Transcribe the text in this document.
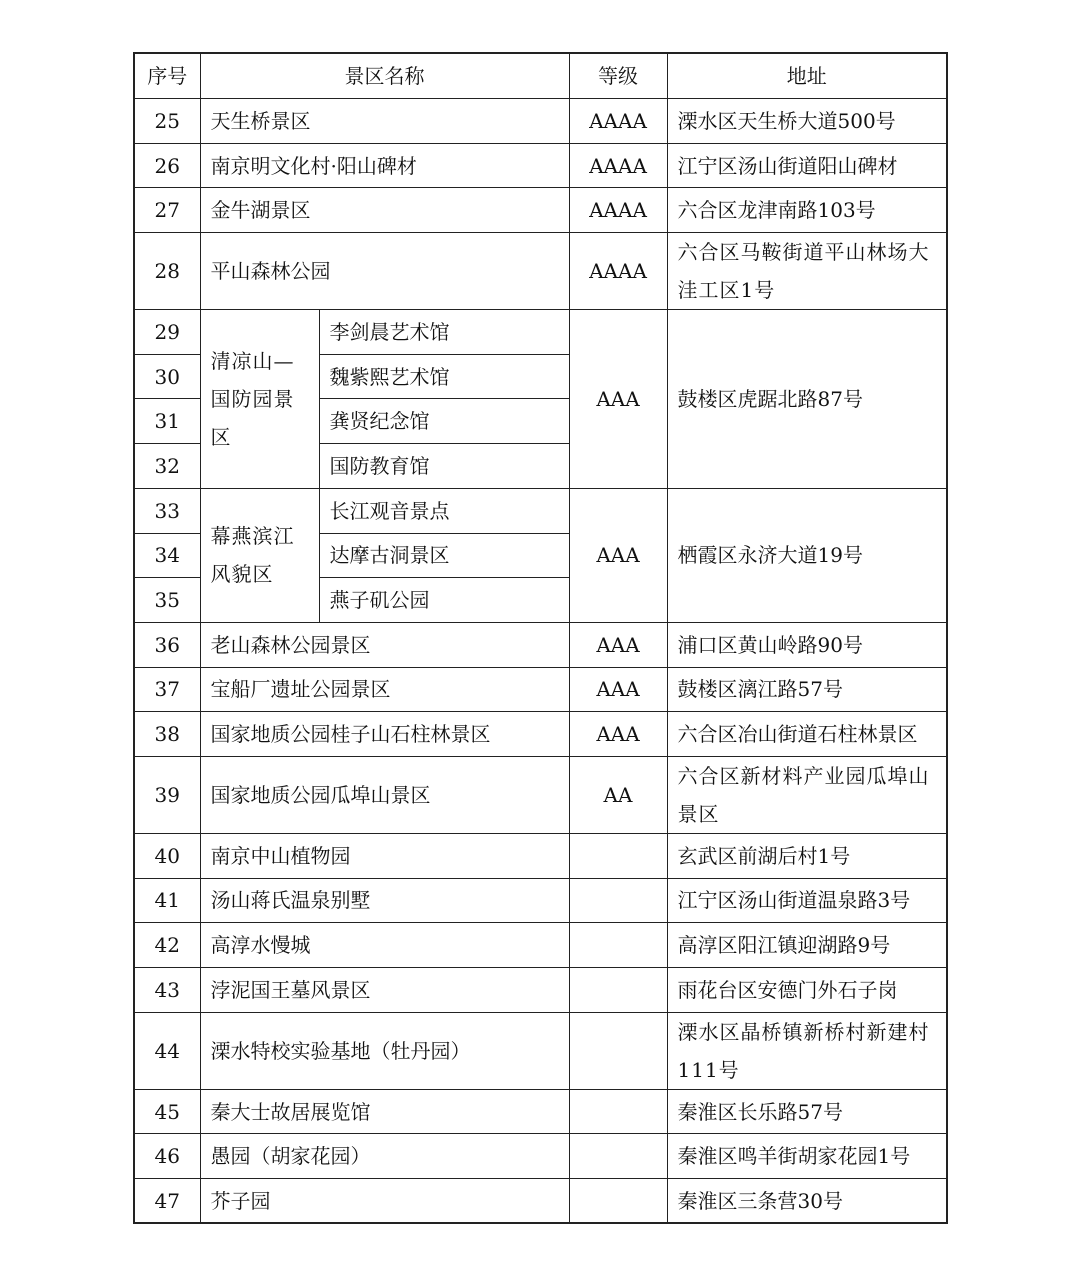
序号	景区名称		等级	地址
25	天生桥景区		AAAA	溧水区天生桥大道500号
26	南京明文化村·阳山碑材		AAAA	江宁区汤山街道阳山碑材
27	金牛湖景区		AAAA	六合区龙津南路103号
28	平山森林公园		AAAA	六合区马鞍街道平山林场大洼工区1号
29	清凉山—国防园景区	李剑晨艺术馆	AAA	鼓楼区虎踞北路87号
30		魏紫熙艺术馆		
31		龚贤纪念馆		
32		国防教育馆		
33	幕燕滨江风貌区	长江观音景点	AAA	栖霞区永济大道19号
34		达摩古洞景区		
35		燕子矶公园		
36	老山森林公园景区		AAA	浦口区黄山岭路90号
37	宝船厂遗址公园景区		AAA	鼓楼区漓江路57号
38	国家地质公园桂子山石柱林景区		AAA	六合区冶山街道石柱林景区
39	国家地质公园瓜埠山景区		AA	六合区新材料产业园瓜埠山景区
40	南京中山植物园			玄武区前湖后村1号
41	汤山蒋氏温泉别墅			江宁区汤山街道温泉路3号
42	高淳水慢城			高淳区阳江镇迎湖路9号
43	浡泥国王墓风景区			雨花台区安德门外石子岗
44	溧水特校实验基地（牡丹园）			溧水区晶桥镇新桥村新建村111号
45	秦大士故居展览馆			秦淮区长乐路57号
46	愚园（胡家花园）			秦淮区鸣羊街胡家花园1号
47	芥子园			秦淮区三条营30号
